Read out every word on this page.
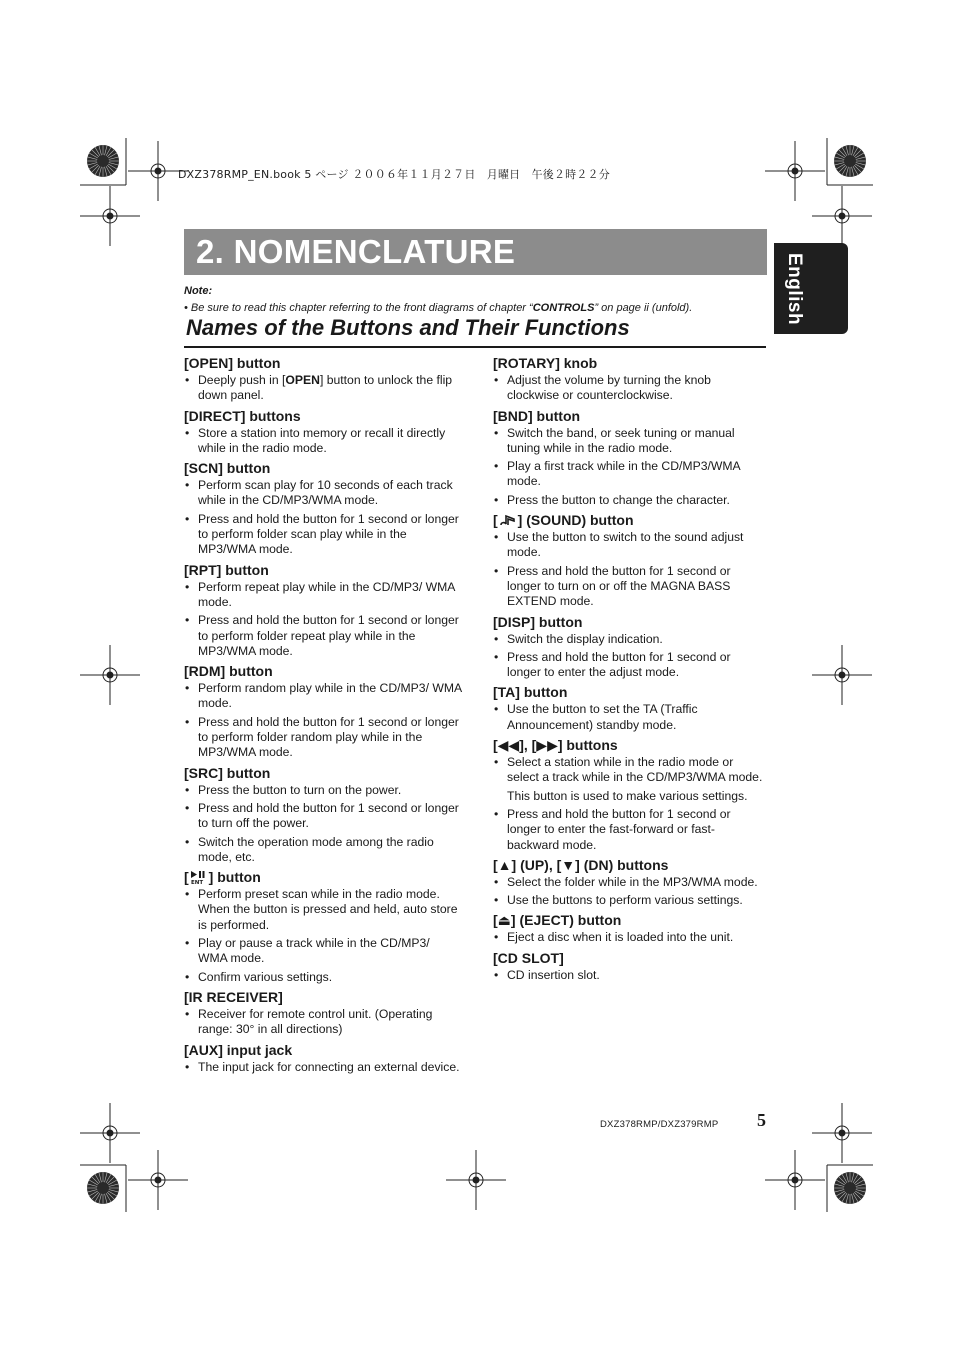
DXZ378RMP_EN.book 5 ページ ２００６年１１月２７日　月曜日　午後２時２２分
2. NOMENCLATURE
English
Note:
• Be sure to read this chapter referring to the front diagrams of chapter “CONTROLS” on page ii (unfold).
Names of the Buttons and Their Functions
[OPEN] button
• Deeply push in [OPEN] button to unlock the flip down panel.
[DIRECT] buttons
• Store a station into memory or recall it directly while in the radio mode.
[SCN] button
• Perform scan play for 10 seconds of each track while in the CD/MP3/WMA mode.
• Press and hold the button for 1 second or longer to perform folder scan play while in the MP3/WMA mode.
[RPT] button
• Perform repeat play while in the CD/MP3/ WMA mode.
• Press and hold the button for 1 second or longer to perform folder repeat play while in the MP3/WMA mode.
[RDM] button
• Perform random play while in the CD/MP3/ WMA mode.
• Press and hold the button for 1 second or longer to perform folder random play while in the MP3/WMA mode.
[SRC] button
• Press the button to turn on the power.
• Press and hold the button for 1 second or longer to turn off the power.
• Switch the operation mode among the radio mode, etc.
[ ENT ] button
• Perform preset scan while in the radio mode. When the button is pressed and held, auto store is performed.
• Play or pause a track while in the CD/MP3/ WMA mode.
• Confirm various settings.
[IR RECEIVER]
• Receiver for remote control unit. (Operating range: 30° in all directions)
[AUX] input jack
• The input jack for connecting an external device.
[ROTARY] knob
• Adjust the volume by turning the knob clockwise or counterclockwise.
[BND] button
• Switch the band, or seek tuning or manual tuning while in the radio mode.
• Play a first track while in the CD/MP3/WMA mode.
• Press the button to change the character.
[ ] (SOUND) button
• Use the button to switch to the sound adjust mode.
• Press and hold the button for 1 second or longer to turn on or off the MAGNA BASS EXTEND mode.
[DISP] button
• Switch the display indication.
• Press and hold the button for 1 second or longer to enter the adjust mode.
[TA] button
• Use the button to set the TA (Traffic Announcement) standby mode.
[◀◀], [▶▶] buttons
• Select a station while in the radio mode or select a track while in the CD/MP3/WMA mode.
This button is used to make various settings.
• Press and hold the button for 1 second or longer to enter the fast-forward or fast-backward mode.
[▲] (UP), [▼] (DN) buttons
• Select the folder while in the MP3/WMA mode.
• Use the buttons to perform various settings.
[⏏] (EJECT) button
• Eject a disc when it is loaded into the unit.
[CD SLOT]
• CD insertion slot.
DXZ378RMP/DXZ379RMP 5
